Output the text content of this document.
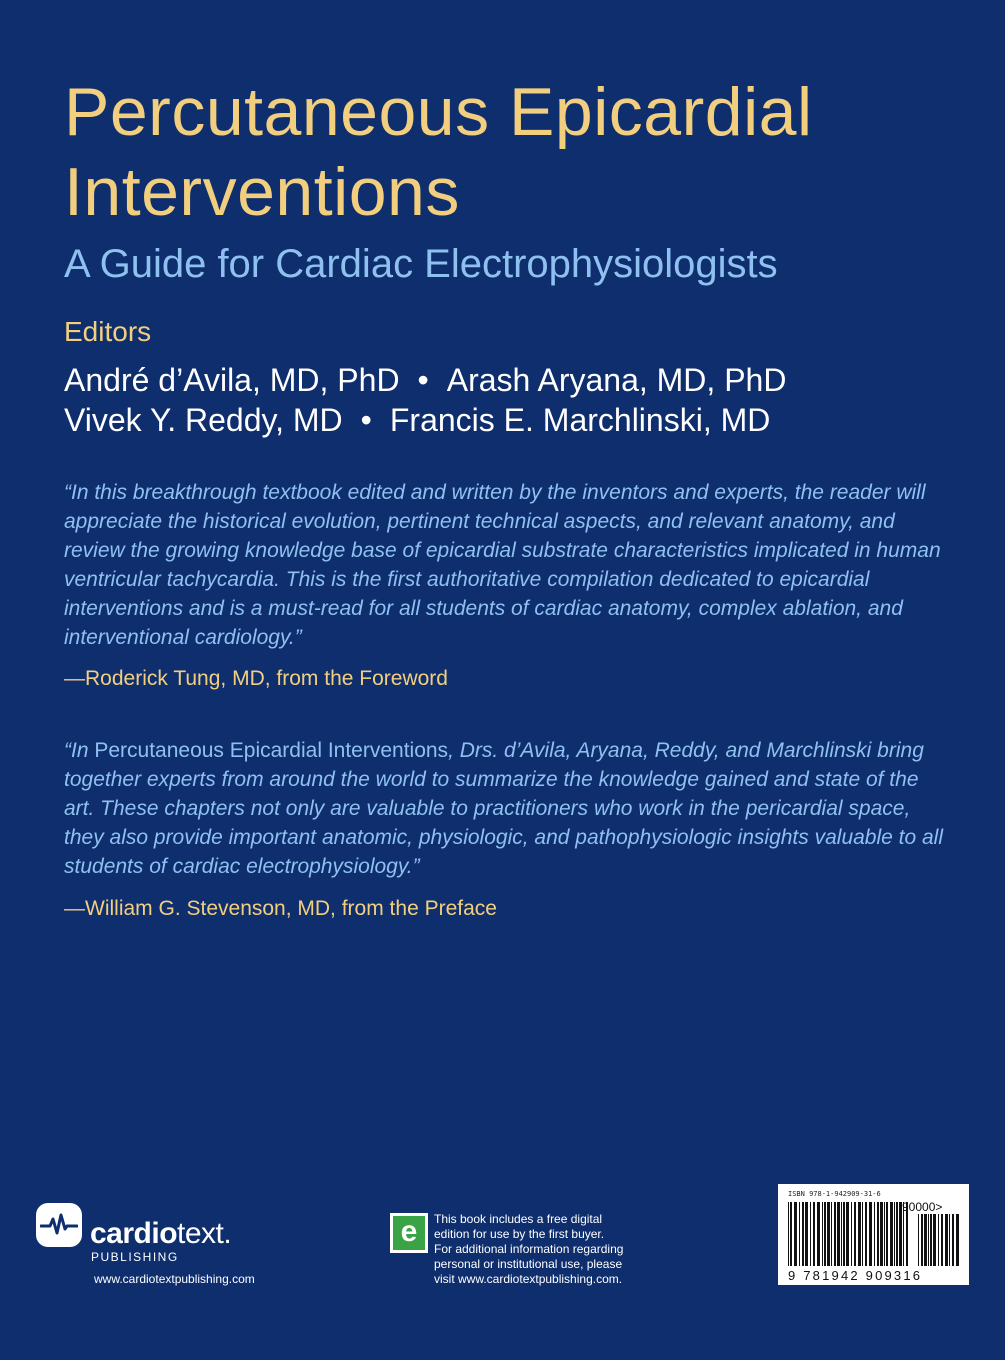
Percutaneous Epicardial
Interventions
A Guide for Cardiac Electrophysiologists
Editors
André d’Avila, MD, PhD • Arash Aryana, MD, PhD
Vivek Y. Reddy, MD • Francis E. Marchlinski, MD

“In this breakthrough textbook edited and written by the inventors and experts, the reader will appreciate the historical evolution, pertinent technical aspects, and relevant anatomy, and review the growing knowledge base of epicardial substrate characteristics implicated in human ventricular tachycardia. This is the first authoritative compilation dedicated to epicardial interventions and is a must-read for all students of cardiac anatomy, complex ablation, and interventional cardiology.”

—Roderick Tung, MD, from the Foreword

“In Percutaneous Epicardial Interventions, Drs. d’Avila, Aryana, Reddy, and Marchlinski bring together experts from around the world to summarize the knowledge gained and state of the art. These chapters not only are valuable to practitioners who work in the pericardial space, they also provide important anatomic, physiologic, and pathophysiologic insights valuable to all students of cardiac electrophysiology.”

—William G. Stevenson, MD, from the Preface
cardiotext.
PUBLISHING
www.cardiotextpublishing.com
e	This book includes a free digital
edition for use by the first buyer.
For additional information regarding
personal or institutional use, please
visit www.cardiotextpublishing.com.
ISBN 978-1-942909-31-6
90000>
9 781942 909316
